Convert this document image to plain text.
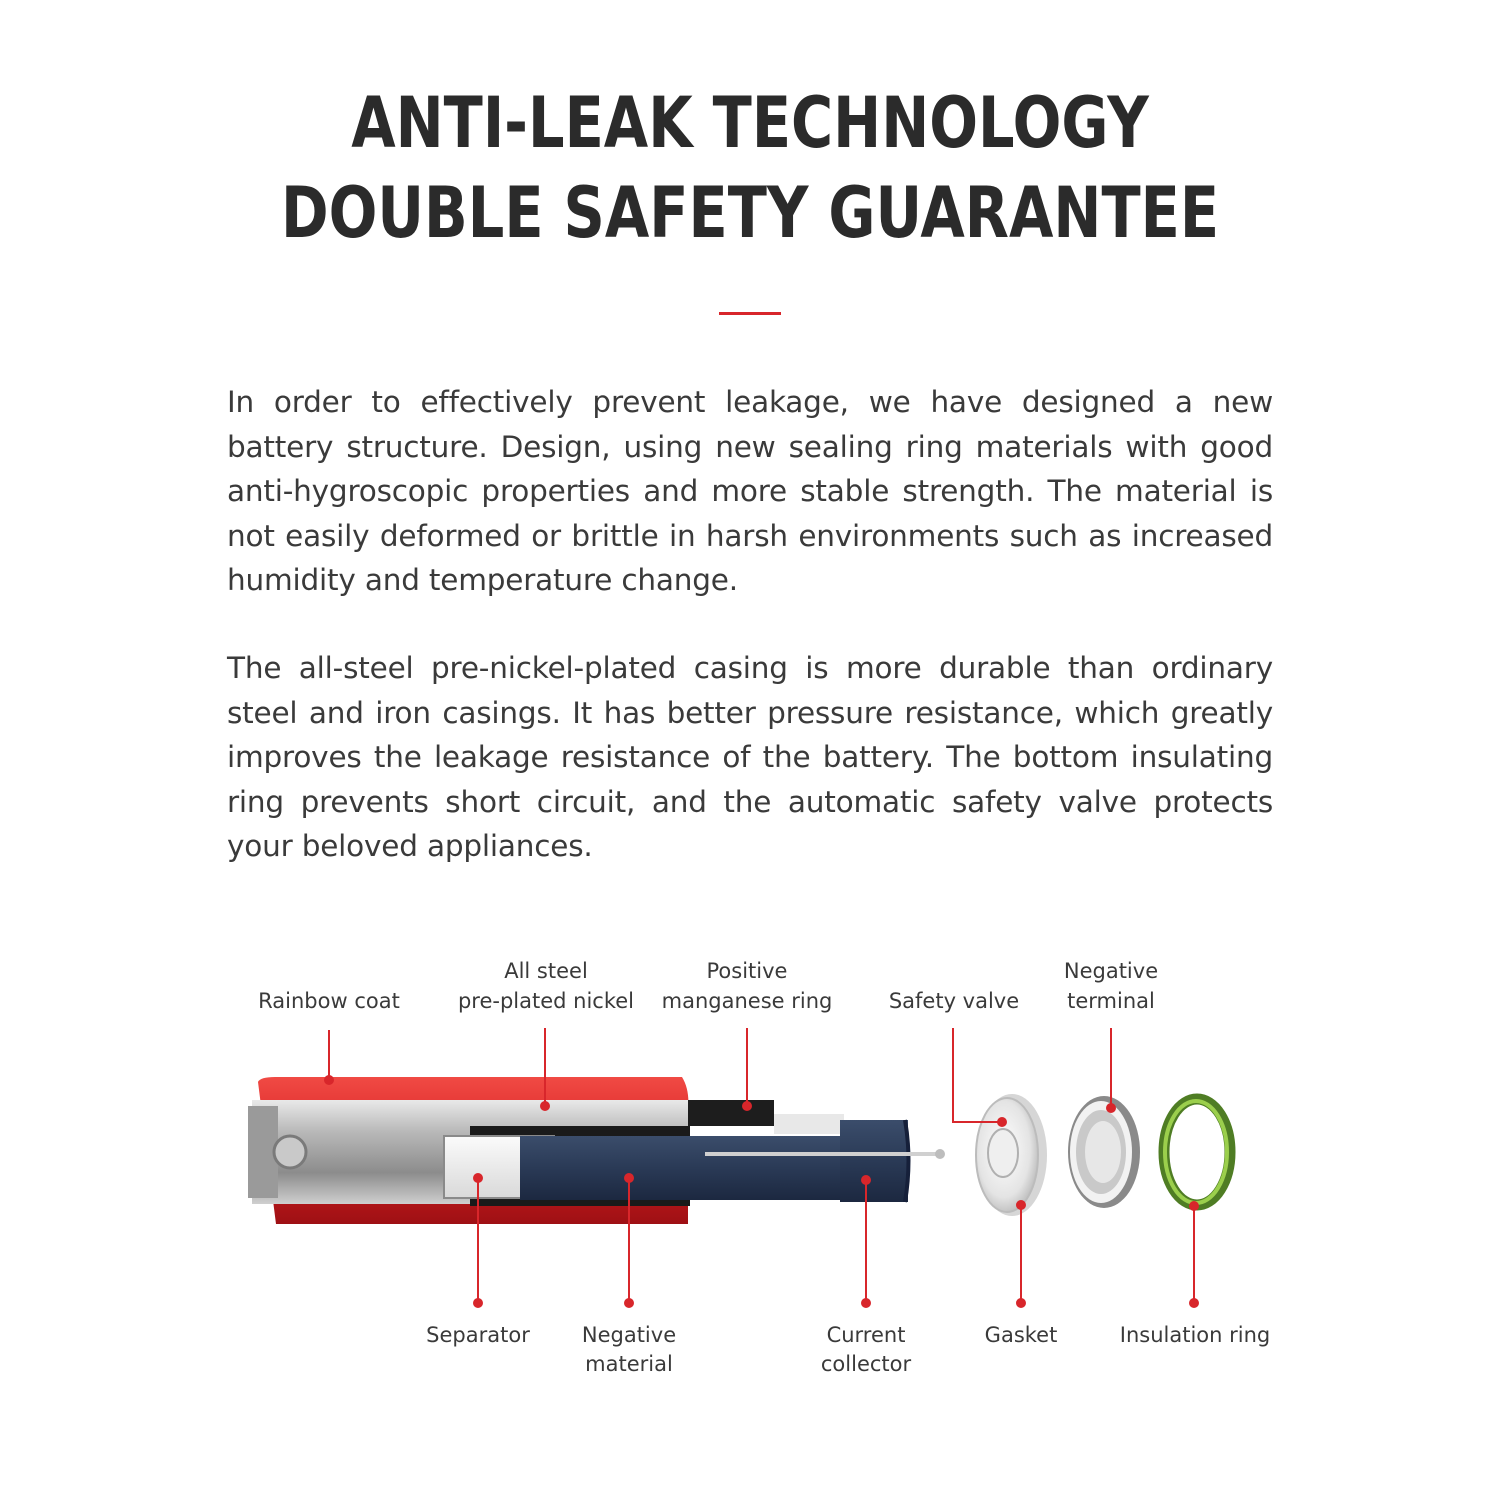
ANTI-LEAK TECHNOLOGY
DOUBLE SAFETY GUARANTEE

In order to effectively prevent leakage, we have designed a new battery structure. Design, using new sealing ring materials with good anti-hygroscopic properties and more stable strength. The material is not easily deformed or brittle in harsh environments such as increased humidity and temperature change.

The all-steel pre-nickel-plated casing is more durable than ordinary steel and iron casings. It has better pressure resistance, which greatly improves the leakage resistance of the battery. The bottom insulating ring prevents short circuit, and the automatic safety valve protects your beloved appliances.

Rainbow coat
All steel
pre-plated nickel
Positive
manganese ring	Safety valve
Negative
terminal
Separator Negative
material
Current
collector
Gasket	Insulation ring
